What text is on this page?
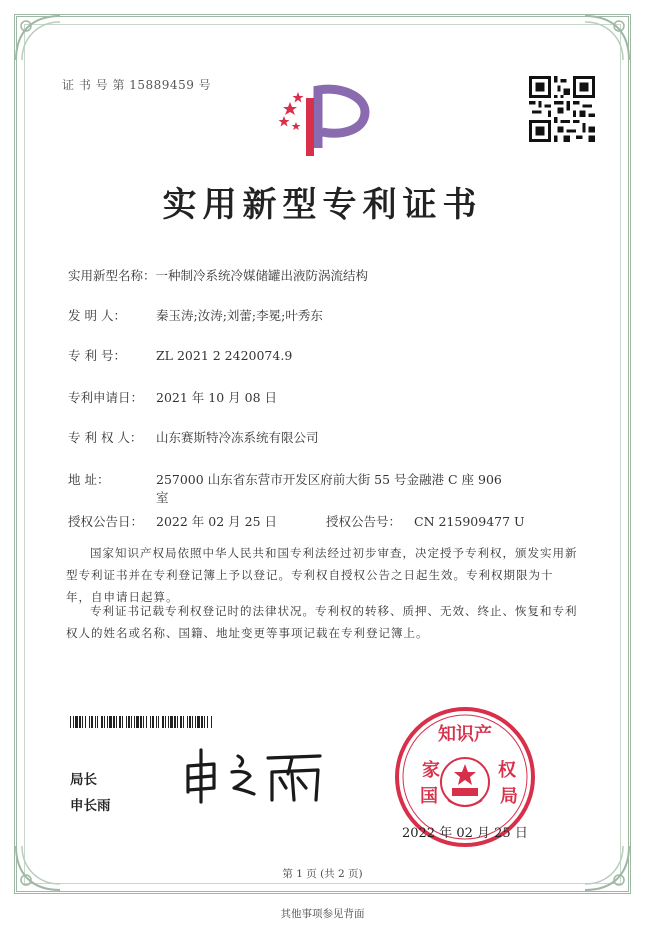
证 书 号 第 15889459 号
实用新型专利证书
实用新型名称：一种制冷系统冷媒储罐出液防涡流结构
发 明 人： 秦玉涛;汝涛;刘蕾;李冕;叶秀东
专 利 号： ZL 2021 2 2420074.9
专利申请日： 2021 年 10 月 08 日
专 利 权 人： 山东赛斯特冷冻系统有限公司
地 址：	257000 山东省东营市开发区府前大街 55 号金融港 C 座 906
室
授权公告日： 2022 年 02 月 25 日	授权公告号： CN 215909477 U
国家知识产权局依照中华人民共和国专利法经过初步审查，决定授予专利权，颁发实用新型专利证书并在专利登记簿上予以登记。专利权自授权公告之日起生效。专利权期限为十年，自申请日起算。
专利证书记载专利权登记时的法律状况。专利权的转移、质押、无效、终止、恢复和专利权人的姓名或名称、国籍、地址变更等事项记载在专利登记簿上。
局长
申长雨
知识产
家	权
国	局
2022 年 02 月 25 日
第 1 页 (共 2 页)
其他事项参见背面
